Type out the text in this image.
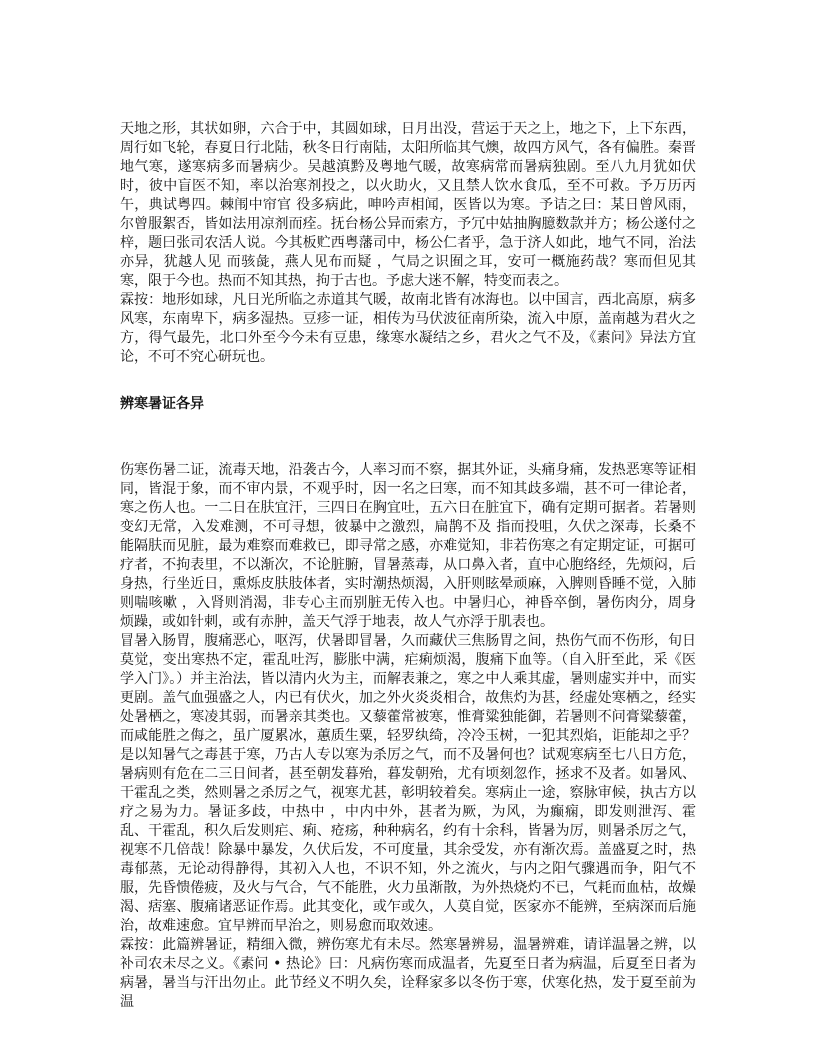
天地之形，其状如卵，六合于中，其圆如球，日月出没，营运于天之上，地之下，上下东西，周行如飞轮，春夏日行北陆，秋冬日行南陆，太阳所临其气燠，故四方风气，各有偏胜。秦晋地气寒，遂寒病多而暑病少。吴越滇黔及粤地气暖，故寒病常而暑病独剧。至八九月犹如伏时，彼中盲医不知，率以治寒剂投之，以火助火，又且禁人饮水食瓜，至不可救。予万历丙午，典试粤四。棘闱中帘官 役多病此，呻吟声相闻，医皆以为寒。予诘之曰：某日曾风雨，尔曾服絮否，皆如法用凉剂而痊。抚台杨公异而索方，予冗中姑抽胸臆数款并方；杨公遂付之梓，题曰张司农活人说。今其板贮西粤藩司中，杨公仁者乎，急于济人如此，地气不同，治法亦异，犹越人见 而骇彘，燕人见布而疑 ，气局之识囿之耳，安可一概施药哉？寒而但见其寒，限于今也。热而不知其热，拘于古也。予虑大迷不解，特变而表之。

霖按：地形如球，凡日光所临之赤道其气暖，故南北皆有冰海也。以中国言，西北高原，病多风寒，东南卑下，病多湿热。豆疹一证，相传为马伏波征南所染，流入中原，盖南越为君火之方，得气最先，北口外至今今未有豆患，缘寒水凝结之乡，君火之气不及，《素问》异法方宜论，不可不究心研玩也。

辨寒暑证各异

伤寒伤暑二证，流毒天地，沿袭古今，人率习而不察，据其外证，头痛身痛，发热恶寒等证相同，皆混于象，而不审内景，不观乎时，因一名之曰寒，而不知其歧多端，甚不可一律论者，寒之伤人也。一二日在肤宜汗，三四日在胸宜吐，五六日在脏宜下，确有定期可据者。若暑则变幻无常，入发难测，不可寻想，彼暴中之激烈，扁鹊不及 指而投咀，久伏之深毒，长桑不能隔肤而见脏，最为难察而难救已，即寻常之感，亦难觉知，非若伤寒之有定期定证，可据可疗者，不拘表里，不以渐次，不论脏腑，冒暑蒸毒，从口鼻入者，直中心胞络经，先烦闷，后身热，行坐近日，熏烁皮肤肢体者，实时潮热烦渴，入肝则眩晕顽麻，入脾则昏睡不觉，入肺则喘咳嗽 ，入肾则消渴，非专心主而别脏无传入也。中暑归心，神昏卒倒，暑伤肉分，周身烦躁，或如针刺，或有赤肿，盖天气浮于地表，故人气亦浮于肌表也。

冒暑入肠胃，腹痛恶心，呕泻，伏暑即冒暑，久而藏伏三焦肠胃之间，热伤气而不伤形，旬日莫觉，变出寒热不定，霍乱吐泻，膨胀中满，疟痢烦渴，腹痛下血等。（自入肝至此，采《医学入门》。）并主治法，皆以清内火为主，而解表兼之，寒之中人乘其虚，暑则虚实并中，而实更剧。盖气血强盛之人，内已有伏火，加之外火炎炎相合，故焦灼为甚，经虚处寒栖之，经实处暑栖之，寒凌其弱，而暑亲其类也。又藜藿常被寒，惟膏粱独能御，若暑则不问膏粱藜藿，而咸能胜之侮之，虽广厦累冰，蕙质生粟，轻罗纨绮，冷冷玉树，一犯其烈焰，讵能却之乎？是以知暑气之毒甚于寒，乃古人专以寒为杀厉之气，而不及暑何也？试观寒病至七八日方危，暑病则有危在二三日间者，甚至朝发暮殆，暮发朝殆，尤有顷刻忽作，拯求不及者。如暑风、干霍乱之类，然则暑之杀厉之气，视寒尤甚，彰明较着矣。寒病止一途，察脉审候，执古方以疗之易为力。暑证多歧，中热中 ，中内中外，甚者为厥，为风，为癫痫，即发则泄泻、霍乱、干霍乱，积久后发则疟、痢、疮疡，种种病名，约有十余科，皆暑为厉，则暑杀厉之气，视寒不几倍哉！除暴中暴发，久伏后发，不可度量，其余受发，亦有渐次焉。盖盛夏之时，热毒郁蒸，无论动得静得，其初入人也，不识不知，外之流火，与内之阳气骤遇而争，阳气不服，先昏愦倦疲，及火与气合，气不能胜，火力虽渐散，为外热烧灼不已，气耗而血枯，故燥渴、痞塞、腹痛诸恶证作焉。此其变化，或乍或久，人莫自觉，医家亦不能辨，至病深而后施治，故难速愈。宜早辨而早治之，则易愈而取效速。

霖按：此篇辨暑证，精细入微，辨伤寒尤有未尽。然寒暑辨易，温暑辨难，请详温暑之辨，以补司农未尽之义。《素问 • 热论》曰：凡病伤寒而成温者，先夏至日者为病温，后夏至日者为病暑，暑当与汗出勿止。此节经义不明久矣，诠释家多以冬伤于寒，伏寒化热，发于夏至前为温
